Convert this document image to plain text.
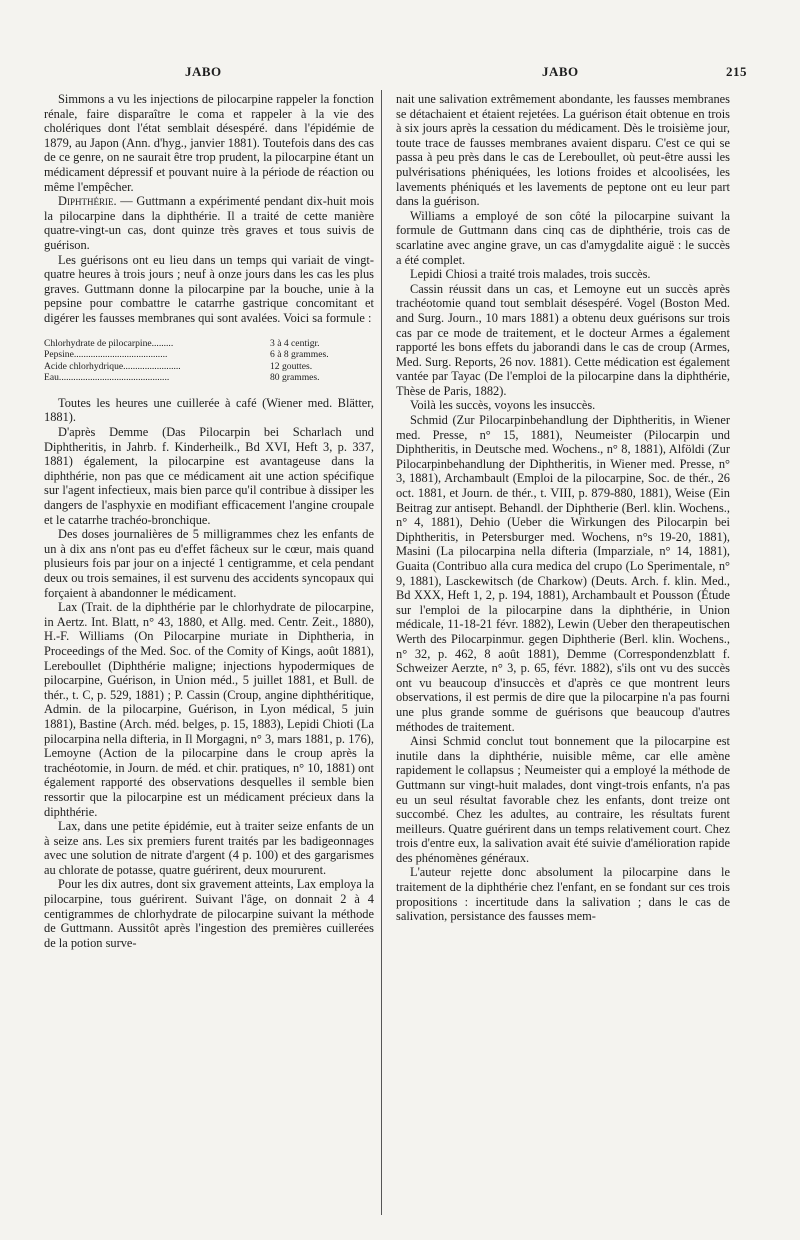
JABO	JABO	215

Simmons a vu les injections de pilocarpine rappeler la fonction rénale, faire disparaître le coma et rappeler à la vie des cholériques dont l'état semblait désespéré. dans l'épidémie de 1879, au Japon (Ann. d'hyg., janvier 1881). Toutefois dans des cas de ce genre, on ne saurait être trop prudent, la pilocarpine étant un médicament dépressif et pouvant nuire à la période de réaction ou même l'empêcher.

Diphthérie. — Guttmann a expérimenté pendant dix-huit mois la pilocarpine dans la diphthérie. Il a traité de cette manière quatre-vingt-un cas, dont quinze très graves et tous suivis de guérison.

Les guérisons ont eu lieu dans un temps qui variait de vingt-quatre heures à trois jours ; neuf à onze jours dans les cas les plus graves. Guttmann donne la pilocarpine par la bouche, unie à la pepsine pour combattre le catarrhe gastrique concomitant et digérer les fausses membranes qui sont avalées. Voici sa formule :

Chlorhydrate de pilocarpine.........	3 à 4 centigr.
Pepsine.......................................	6 à 8 grammes.
Acide chlorhydrique........................	12 gouttes.
Eau..............................................	80 grammes.

Toutes les heures une cuillerée à café (Wiener med. Blätter, 1881).

D'après Demme (Das Pilocarpin bei Scharlach und Diphtheritis, in Jahrb. f. Kinderheilk., Bd XVI, Heft 3, p. 337, 1881) également, la pilocarpine est avantageuse dans la diphthérie, non pas que ce médicament ait une action spécifique sur l'agent infectieux, mais bien parce qu'il contribue à dissiper les dangers de l'asphyxie en modifiant efficacement l'angine croupale et le catarrhe trachéo-bronchique.

Des doses journalières de 5 milligrammes chez les enfants de un à dix ans n'ont pas eu d'effet fâcheux sur le cœur, mais quand plusieurs fois par jour on a injecté 1 centigramme, et cela pendant deux ou trois semaines, il est survenu des accidents syncopaux qui forçaient à abandonner le médicament.

Lax (Trait. de la diphthérie par le chlorhydrate de pilocarpine, in Aertz. Int. Blatt, n° 43, 1880, et Allg. med. Centr. Zeit., 1880), H.-F. Williams (On Pilocarpine muriate in Diphtheria, in Proceedings of the Med. Soc. of the Comity of Kings, août 1881), Lereboullet (Diphthérie maligne; injections hypodermiques de pilocarpine, Guérison, in Union méd., 5 juillet 1881, et Bull. de thér., t. C, p. 529, 1881) ; P. Cassin (Croup, angine diphthéritique, Admin. de la pilocarpine, Guérison, in Lyon médical, 5 juin 1881), Bastine (Arch. méd. belges, p. 15, 1883), Lepidi Chioti (La pilocarpina nella difteria, in Il Morgagni, n° 3, mars 1881, p. 176), Lemoyne (Action de la pilocarpine dans le croup après la trachéotomie, in Journ. de méd. et chir. pratiques, n° 10, 1881) ont également rapporté des observations desquelles il semble bien ressortir que la pilocarpine est un médicament précieux dans la diphthérie.

Lax, dans une petite épidémie, eut à traiter seize enfants de un à seize ans. Les six premiers furent traités par les badigeonnages avec une solution de nitrate d'argent (4 p. 100) et des gargarismes au chlorate de potasse, quatre guérirent, deux moururent.

Pour les dix autres, dont six gravement atteints, Lax employa la pilocarpine, tous guérirent. Suivant l'âge, on donnait 2 à 4 centigrammes de chlorhydrate de pilocarpine suivant la méthode de Guttmann. Aussitôt après l'ingestion des premières cuillerées de la potion surve-

nait une salivation extrêmement abondante, les fausses membranes se détachaient et étaient rejetées. La guérison était obtenue en trois à six jours après la cessation du médicament. Dès le troisième jour, toute trace de fausses membranes avaient disparu. C'est ce qui se passa à peu près dans le cas de Lereboullet, où peut-être aussi les pulvérisations phéniquées, les lotions froides et alcoolisées, les lavements phéniqués et les lavements de peptone ont eu leur part dans la guérison.

Williams a employé de son côté la pilocarpine suivant la formule de Guttmann dans cinq cas de diphthérie, trois cas de scarlatine avec angine grave, un cas d'amygdalite aiguë : le succès a été complet.

Lepidi Chiosi a traité trois malades, trois succès.

Cassin réussit dans un cas, et Lemoyne eut un succès après trachéotomie quand tout semblait désespéré. Vogel (Boston Med. and Surg. Journ., 10 mars 1881) a obtenu deux guérisons sur trois cas par ce mode de traitement, et le docteur Armes a également rapporté les bons effets du jaborandi dans le cas de croup (Armes, Med. Surg. Reports, 26 nov. 1881). Cette médication est également vantée par Tayac (De l'emploi de la pilocarpine dans la diphthérie, Thèse de Paris, 1882).

Voilà les succès, voyons les insuccès.

Schmid (Zur Pilocarpinbehandlung der Diphtheritis, in Wiener med. Presse, n° 15, 1881), Neumeister (Pilocarpin und Diphtheritis, in Deutsche med. Wochens., n° 8, 1881), Alföldi (Zur Pilocarpinbehandlung der Diphtheritis, in Wiener med. Presse, n° 3, 1881), Archambault (Emploi de la pilocarpine, Soc. de thér., 26 oct. 1881, et Journ. de thér., t. VIII, p. 879-880, 1881), Weise (Ein Beitrag zur antisept. Behandl. der Diphtherie (Berl. klin. Wochens., n° 4, 1881), Dehio (Ueber die Wirkungen des Pilocarpin bei Diphtheritis, in Petersburger med. Wochens, n°s 19-20, 1881), Masini (La pilocarpina nella difteria (Imparziale, n° 14, 1881), Guaita (Contribuo alla cura medica del crupo (Lo Sperimentale, n° 9, 1881), Lasckewitsch (de Charkow) (Deuts. Arch. f. klin. Med., Bd XXX, Heft 1, 2, p. 194, 1881), Archambault et Pousson (Étude sur l'emploi de la pilocarpine dans la diphthérie, in Union médicale, 11-18-21 févr. 1882), Lewin (Ueber den therapeutischen Werth des Pilocarpinmur. gegen Diphtherie (Berl. klin. Wochens., n° 32, p. 462, 8 août 1881), Demme (Correspondenzblatt f. Schweizer Aerzte, n° 3, p. 65, févr. 1882), s'ils ont vu des succès ont vu beaucoup d'insuccès et d'après ce que montrent leurs observations, il est permis de dire que la pilocarpine n'a pas fourni une plus grande somme de guérisons que beaucoup d'autres méthodes de traitement.

Ainsi Schmid conclut tout bonnement que la pilocarpine est inutile dans la diphthérie, nuisible même, car elle amène rapidement le collapsus ; Neumeister qui a employé la méthode de Guttmann sur vingt-huit malades, dont vingt-trois enfants, n'a pas eu un seul résultat favorable chez les enfants, dont treize ont succombé. Chez les adultes, au contraire, les résultats furent meilleurs. Quatre guérirent dans un temps relativement court. Chez trois d'entre eux, la salivation avait été suivie d'amélioration rapide des phénomènes généraux.

L'auteur rejette donc absolument la pilocarpine dans le traitement de la diphthérie chez l'enfant, en se fondant sur ces trois propositions : incertitude dans la salivation ; dans le cas de salivation, persistance des fausses mem-
